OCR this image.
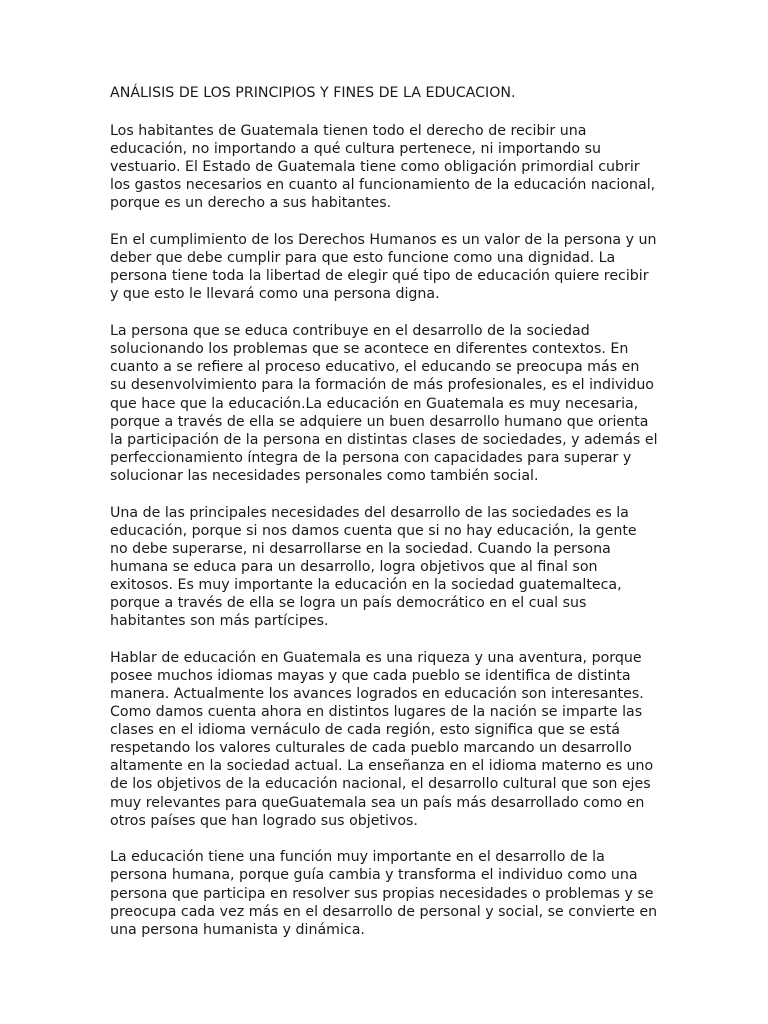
ANÁLISIS DE LOS PRINCIPIOS Y FINES DE LA EDUCACION.

Los habitantes de Guatemala tienen todo el derecho de recibir una
educación, no importando a qué cultura pertenece, ni importando su
vestuario. El Estado de Guatemala tiene como obligación primordial cubrir
los gastos necesarios en cuanto al funcionamiento de la educación nacional,
porque es un derecho a sus habitantes.

En el cumplimiento de los Derechos Humanos es un valor de la persona y un
deber que debe cumplir para que esto funcione como una dignidad. La
persona tiene toda la libertad de elegir qué tipo de educación quiere recibir
y que esto le llevará como una persona digna.

La persona que se educa contribuye en el desarrollo de la sociedad
solucionando los problemas que se acontece en diferentes contextos. En
cuanto a se refiere al proceso educativo, el educando se preocupa más en
su desenvolvimiento para la formación de más profesionales, es el individuo
que hace que la educación.La educación en Guatemala es muy necesaria,
porque a través de ella se adquiere un buen desarrollo humano que orienta
la participación de la persona en distintas clases de sociedades, y además el
perfeccionamiento íntegra de la persona con capacidades para superar y
solucionar las necesidades personales como también social.

Una de las principales necesidades del desarrollo de las sociedades es la
educación, porque si nos damos cuenta que si no hay educación, la gente
no debe superarse, ni desarrollarse en la sociedad. Cuando la persona
humana se educa para un desarrollo, logra objetivos que al final son
exitosos. Es muy importante la educación en la sociedad guatemalteca,
porque a través de ella se logra un país democrático en el cual sus
habitantes son más partícipes.

Hablar de educación en Guatemala es una riqueza y una aventura, porque
posee muchos idiomas mayas y que cada pueblo se identifica de distinta
manera. Actualmente los avances logrados en educación son interesantes.
Como damos cuenta ahora en distintos lugares de la nación se imparte las
clases en el idioma vernáculo de cada región, esto significa que se está
respetando los valores culturales de cada pueblo marcando un desarrollo
altamente en la sociedad actual. La enseñanza en el idioma materno es uno
de los objetivos de la educación nacional, el desarrollo cultural que son ejes
muy relevantes para queGuatemala sea un país más desarrollado como en
otros países que han logrado sus objetivos.

La educación tiene una función muy importante en el desarrollo de la
persona humana, porque guía cambia y transforma el individuo como una
persona que participa en resolver sus propias necesidades o problemas y se
preocupa cada vez más en el desarrollo de personal y social, se convierte en
una persona humanista y dinámica.
